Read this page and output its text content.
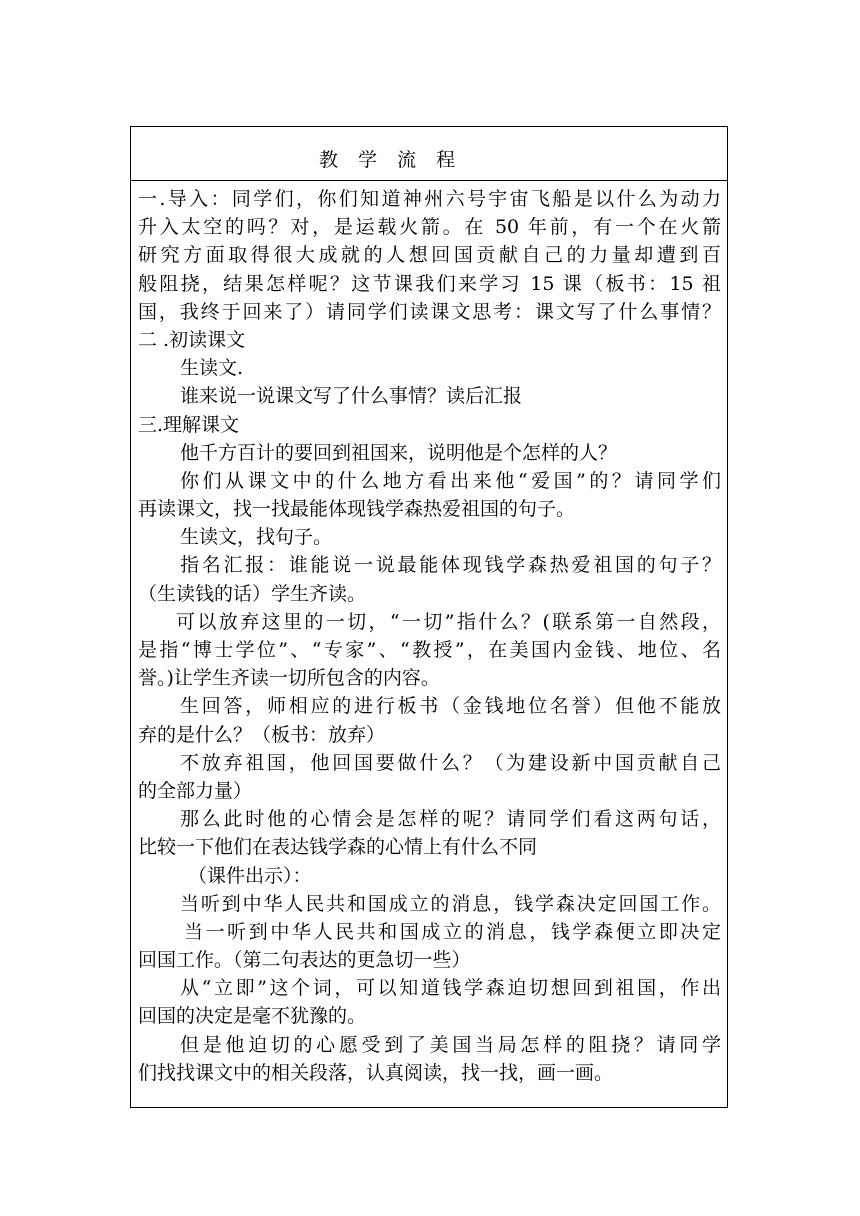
教 学 流 程
一.导入：同学们，你们知道神州六号宇宙飞船是以什么为动力
升入太空的吗？对，是运载火箭。在 50 年前，有一个在火箭
研究方面取得很大成就的人想回国贡献自己的力量却遭到百
般阻挠，结果怎样呢？这节课我们来学习 15 课（板书：15 祖
国，我终于回来了）请同学们读课文思考：课文写了什么事情？
二 .初读课文
生读文.
谁来说一说课文写了什么事情？读后汇报
三.理解课文
他千方百计的要回到祖国来，说明他是个怎样的人？
你们从课文中的什么地方看出来他“爱国”的？请同学们
再读课文，找一找最能体现钱学森热爱祖国的句子。
生读文，找句子。
指名汇报：谁能说一说最能体现钱学森热爱祖国的句子？
（生读钱的话）学生齐读。
可以放弃这里的一切，“一切”指什么？(联系第一自然段，
是指“博士学位”、“专家”、“教授”，在美国内金钱、地位、名
誉。)让学生齐读一切所包含的内容。
生回答，师相应的进行板书（金钱地位名誉）但他不能放
弃的是什么？（板书：放弃）
不放弃祖国，他回国要做什么？（为建设新中国贡献自己
的全部力量）
那么此时他的心情会是怎样的呢？请同学们看这两句话，
比较一下他们在表达钱学森的心情上有什么不同
（课件出示）：
当听到中华人民共和国成立的消息，钱学森决定回国工作。
当一听到中华人民共和国成立的消息，钱学森便立即决定
回国工作。（第二句表达的更急切一些）
从“立即”这个词，可以知道钱学森迫切想回到祖国，作出
回国的决定是毫不犹豫的。
但是他迫切的心愿受到了美国当局怎样的阻挠？请同学
们找找课文中的相关段落，认真阅读，找一找，画一画。
